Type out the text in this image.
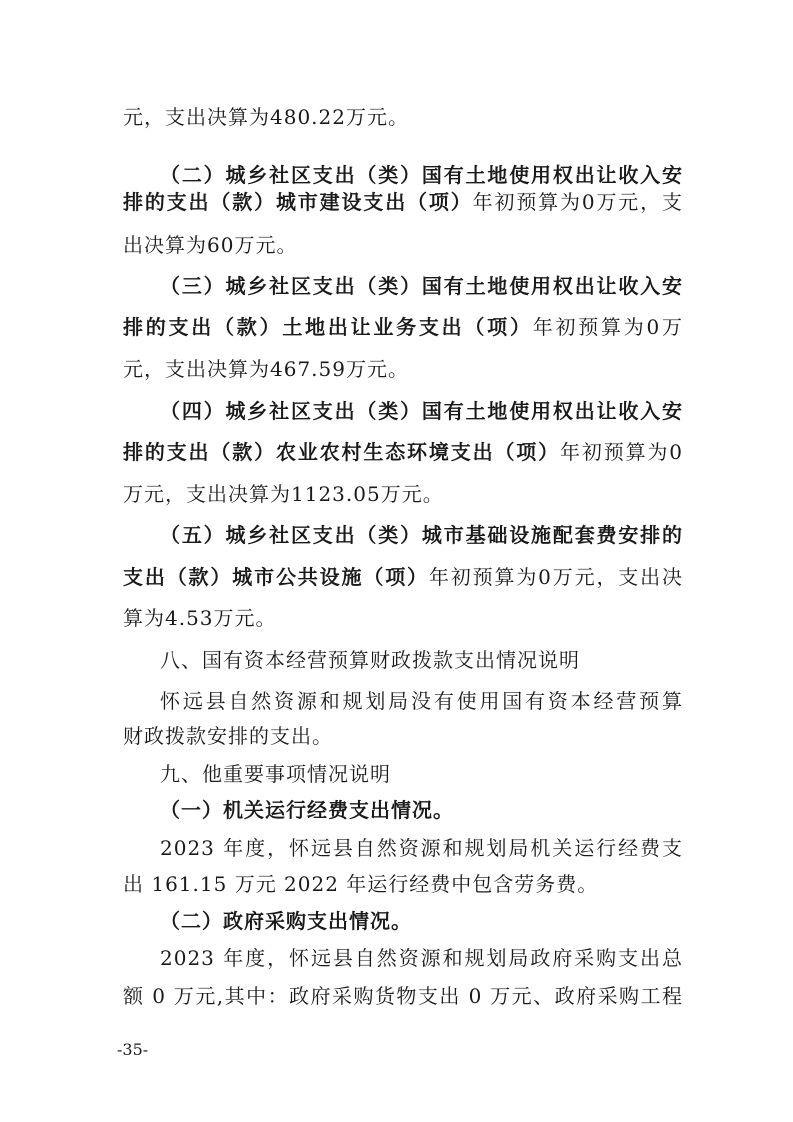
元，支出决算为480.22万元。
（二）城乡社区支出（类）国有土地使用权出让收入安
排的支出（款）城市建设支出（项）年初预算为0万元，支
出决算为60万元。
（三）城乡社区支出（类）国有土地使用权出让收入安
排的支出（款）土地出让业务支出（项）年初预算为0万
元，支出决算为467.59万元。
（四）城乡社区支出（类）国有土地使用权出让收入安
排的支出（款）农业农村生态环境支出（项）年初预算为0
万元，支出决算为1123.05万元。
（五）城乡社区支出（类）城市基础设施配套费安排的
支出（款）城市公共设施（项）年初预算为0万元，支出决
算为4.53万元。
八、国有资本经营预算财政拨款支出情况说明
怀远县自然资源和规划局没有使用国有资本经营预算
财政拨款安排的支出。
九、他重要事项情况说明
（一）机关运行经费支出情况。
2023 年度，怀远县自然资源和规划局机关运行经费支
出 161.15 万元 2022 年运行经费中包含劳务费。
（二）政府采购支出情况。
2023 年度，怀远县自然资源和规划局政府采购支出总
额 0 万元,其中：政府采购货物支出 0 万元、政府采购工程
-35-
